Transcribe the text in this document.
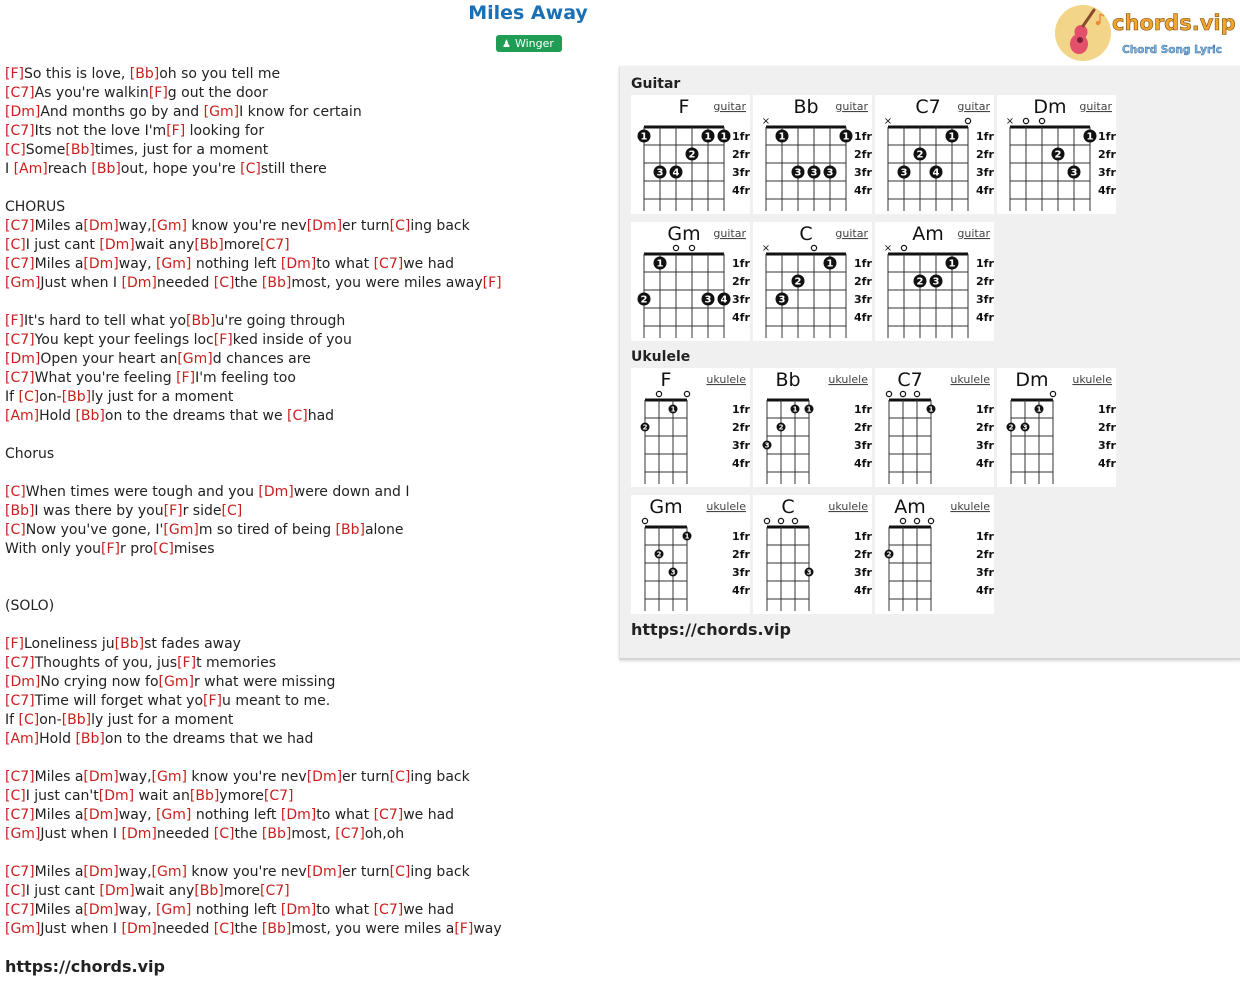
Miles Away
♟ Winger
chords.vip
Chord Song Lyric
[F]So this is love, [Bb]oh so you tell me
[C7]As you're walkin[F]g out the door
[Dm]And months go by and [Gm]I know for certain
[C7]Its not the love I'm[F] looking for
[C]Some[Bb]times, just for a moment
I [Am]reach [Bb]out, hope you're [C]still there
CHORUS
[C7]Miles a[Dm]way,[Gm] know you're nev[Dm]er turn[C]ing back
[C]I just cant [Dm]wait any[Bb]more[C7]
[C7]Miles a[Dm]way, [Gm] nothing left [Dm]to what [C7]we had
[Gm]Just when I [Dm]needed [C]the [Bb]most, you were miles away[F]
[F]It's hard to tell what yo[Bb]u're going through
[C7]You kept your feelings loc[F]ked inside of you
[Dm]Open your heart an[Gm]d chances are
[C7]What you're feeling [F]I'm feeling too
If [C]on-[Bb]ly just for a moment
[Am]Hold [Bb]on to the dreams that we [C]had
Chorus
[C]When times were tough and you [Dm]were down and I
[Bb]I was there by you[F]r side[C]
[C]Now you've gone, I'[Gm]m so tired of being [Bb]alone
With only you[F]r pro[C]mises
(SOLO)
[F]Loneliness ju[Bb]st fades away
[C7]Thoughts of you, jus[F]t memories
[Dm]No crying now fo[Gm]r what were missing
[C7]Time will forget what yo[F]u meant to me.
If [C]on-[Bb]ly just for a moment
[Am]Hold [Bb]on to the dreams that we had
[C7]Miles a[Dm]way,[Gm] know you're nev[Dm]er turn[C]ing back
[C]I just can't[Dm] wait an[Bb]ymore[C7]
[C7]Miles a[Dm]way, [Gm] nothing left [Dm]to what [C7]we had
[Gm]Just when I [Dm]needed [C]the [Bb]most, [C7]oh,oh
[C7]Miles a[Dm]way,[Gm] know you're nev[Dm]er turn[C]ing back
[C]I just cant [Dm]wait any[Bb]more[C7]
[C7]Miles a[Dm]way, [Gm] nothing left [Dm]to what [C7]we had
[Gm]Just when I [Dm]needed [C]the [Bb]most, you were miles a[F]way
https://chords.vip
Guitar
Ukulele
F guitar
1fr
2fr
3fr
4fr
1	1 1
2
3 4
Bb guitar
1fr
2fr
3fr
4fr
×
1	1
3 3 3
C7 guitar
1fr
2fr
3fr
4fr
×
1
2
3	4
Dm guitar
1fr
2fr
3fr
4fr
×
1
2
3
Gm guitar
1fr
2fr
3fr
4fr
1
2	3 4
C guitar
1fr
2fr
3fr
4fr
×
1
2
3
Am guitar
1fr
2fr
3fr
4fr
×
1
2 3
F	ukulele
1fr
2fr
3fr
4fr
1
2
Bb	ukulele
1fr
2fr
3fr
4fr
1 1
2
3
C7	ukulele
1fr
2fr
3fr
4fr
1
Dm ukulele
1fr
2fr
3fr
4fr
1
2 3
Gm ukulele
1fr
2fr
3fr
4fr
1
2
3
C	ukulele
1fr
2fr
3fr
4fr
3
Am ukulele
1fr
2fr
3fr
4fr
2
https://chords.vip
